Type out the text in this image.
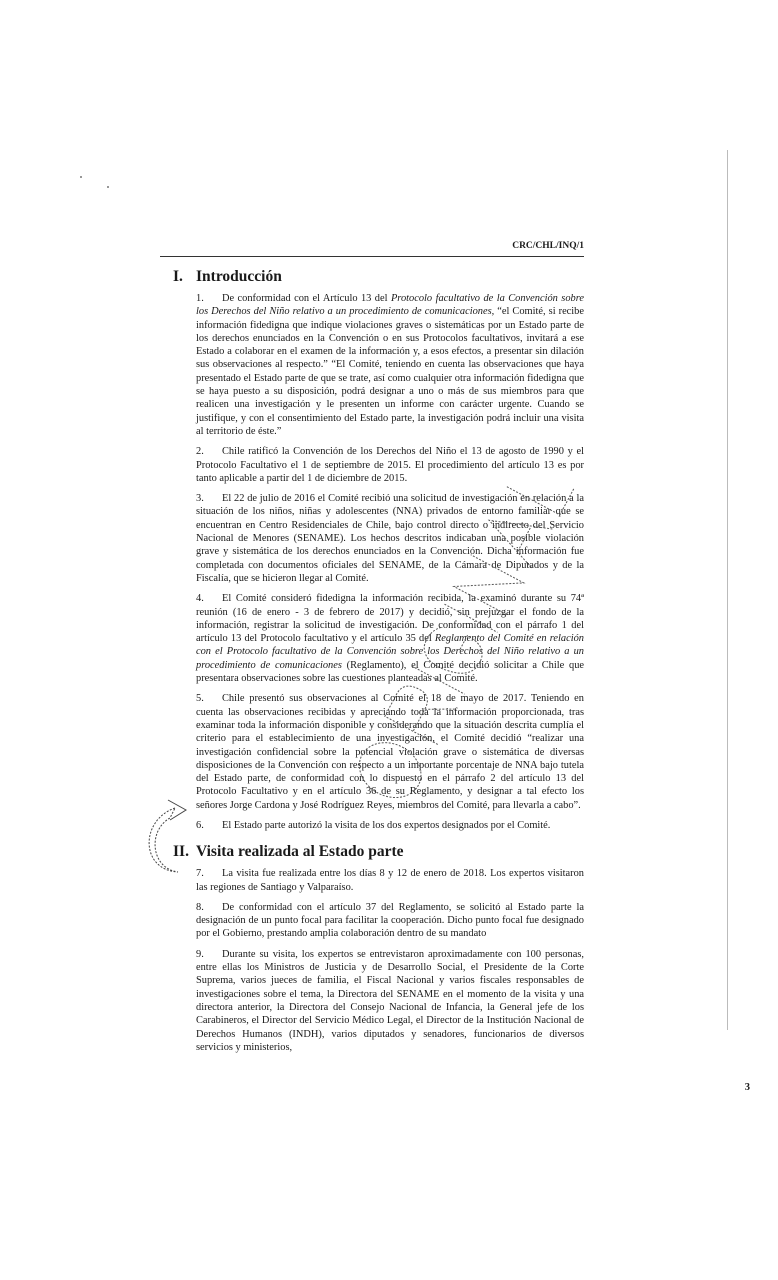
CRC/CHL/INQ/1
I. Introducción
1. De conformidad con el Artículo 13 del Protocolo facultativo de la Convención sobre los Derechos del Niño relativo a un procedimiento de comunicaciones, “el Comité, si recibe información fidedigna que indique violaciones graves o sistemáticas por un Estado parte de los derechos enunciados en la Convención o en sus Protocolos facultativos, invitará a ese Estado a colaborar en el examen de la información y, a esos efectos, a presentar sin dilación sus observaciones al respecto.” “El Comité, teniendo en cuenta las observaciones que haya presentado el Estado parte de que se trate, así como cualquier otra información fidedigna que se haya puesto a su disposición, podrá designar a uno o más de sus miembros para que realicen una investigación y le presenten un informe con carácter urgente. Cuando se justifique, y con el consentimiento del Estado parte, la investigación podrá incluir una visita al territorio de éste.”
2. Chile ratificó la Convención de los Derechos del Niño el 13 de agosto de 1990 y el Protocolo Facultativo el 1 de septiembre de 2015. El procedimiento del artículo 13 es por tanto aplicable a partir del 1 de diciembre de 2015.
3. El 22 de julio de 2016 el Comité recibió una solicitud de investigación en relación a la situación de los niños, niñas y adolescentes (NNA) privados de entorno familiar que se encuentran en Centro Residenciales de Chile, bajo control directo o indirecto del Servicio Nacional de Menores (SENAME). Los hechos descritos indicaban una posible violación grave y sistemática de los derechos enunciados en la Convención. Dicha información fue completada con documentos oficiales del SENAME, de la Cámara de Diputados y de la Fiscalía, que se hicieron llegar al Comité.
4. El Comité consideró fidedigna la información recibida, la examinó durante su 74ª reunión (16 de enero - 3 de febrero de 2017) y decidió, sin prejuzgar el fondo de la información, registrar la solicitud de investigación. De conformidad con el párrafo 1 del artículo 13 del Protocolo facultativo y el artículo 35 del Reglamento del Comité en relación con el Protocolo facultativo de la Convención sobre los Derechos del Niño relativo a un procedimiento de comunicaciones (Reglamento), el Comité decidió solicitar a Chile que presentara observaciones sobre las cuestiones planteadas al Comité.
5. Chile presentó sus observaciones al Comité el 18 de mayo de 2017. Teniendo en cuenta las observaciones recibidas y apreciando toda la información proporcionada, tras examinar toda la información disponible y considerando que la situación descrita cumplía el criterio para el establecimiento de una investigación, el Comité decidió “realizar una investigación confidencial sobre la potencial violación grave o sistemática de diversas disposiciones de la Convención con respecto a un importante porcentaje de NNA bajo tutela del Estado parte, de conformidad con lo dispuesto en el párrafo 2 del artículo 13 del Protocolo Facultativo y en el artículo 36 de su Reglamento, y designar a tal efecto los señores Jorge Cardona y José Rodríguez Reyes, miembros del Comité, para llevarla a cabo”.
6. El Estado parte autorizó la visita de los dos expertos designados por el Comité.
II. Visita realizada al Estado parte
7. La visita fue realizada entre los días 8 y 12 de enero de 2018. Los expertos visitaron las regiones de Santiago y Valparaíso.
8. De conformidad con el artículo 37 del Reglamento, se solicitó al Estado parte la designación de un punto focal para facilitar la cooperación. Dicho punto focal fue designado por el Gobierno, prestando amplia colaboración dentro de su mandato
9. Durante su visita, los expertos se entrevistaron aproximadamente con 100 personas, entre ellas los Ministros de Justicia y de Desarrollo Social, el Presidente de la Corte Suprema, varios jueces de familia, el Fiscal Nacional y varios fiscales responsables de investigaciones sobre el tema, la Directora del SENAME en el momento de la visita y una directora anterior, la Directora del Consejo Nacional de Infancia, la General jefe de los Carabineros, el Director del Servicio Médico Legal, el Director de la Institución Nacional de Derechos Humanos (INDH), varios diputados y senadores, funcionarios de diversos servicios y ministerios,
3
